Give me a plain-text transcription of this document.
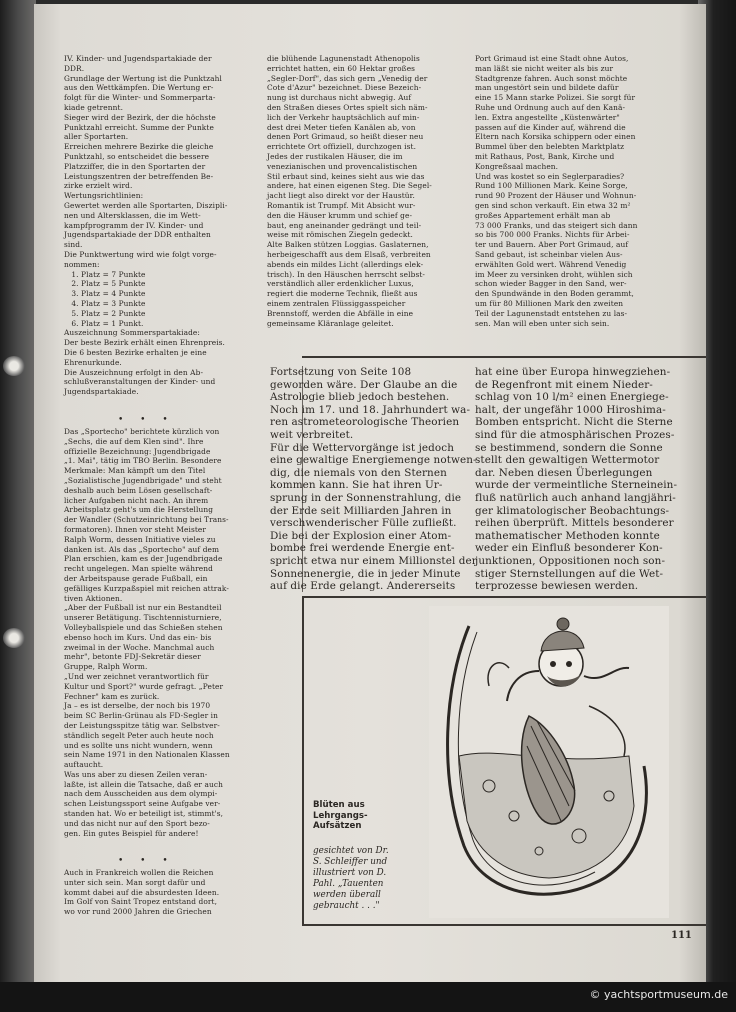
IV. Kinder- und Jugendspartakiade der
DDR.
Grundlage der Wertung ist die Punktzahl
aus den Wettkämpfen. Die Wertung er-
folgt für die Winter- und Sommerparta-
kiade getrennt.
Sieger wird der Bezirk, der die höchste
Punktzahl erreicht. Summe der Punkte
aller Sportarten.
Erreichen mehrere Bezirke die gleiche
Punktzahl, so entscheidet die bessere
Platzziffer, die in den Sportarten der
Leistungszentren der betreffenden Be-
zirke erzielt wird.
Wertungsrichtlinien:
Gewertet werden alle Sportarten, Diszipli-
nen und Altersklassen, die im Wett-
kampfprogramm der IV. Kinder- und
Jugendspartakiade der DDR enthalten
sind.
Die Punktwertung wird wie folgt vorge-
nommen:
1. Platz = 7 Punkte
2. Platz = 5 Punkte
3. Platz = 4 Punkte
4. Platz = 3 Punkte
5. Platz = 2 Punkte
6. Platz = 1 Punkt.
Auszeichnung Sommerspartakiade:
Der beste Bezirk erhält einen Ehrenpreis.
Die 6 besten Bezirke erhalten je eine
Ehrenurkunde.
Die Auszeichnung erfolgt in den Ab-
schlußveranstaltungen der Kinder- und
Jugendspartakiade.
• • •
Das „Sportecho" berichtete kürzlich von
„Sechs, die auf dem Klen sind". Ihre
offizielle Bezeichnung: Jugendbrigade
„1. Mai", tätig im TBO Berlin. Besondere
Merkmale: Man kämpft um den Titel
„Sozialistische Jugendbrigade" und steht
deshalb auch beim Lösen gesellschaft-
licher Aufgaben nicht nach. An ihrem
Arbeitsplatz geht's um die Herstellung
der Wandler (Schutzeinrichtung bei Trans-
formatoren). Ihnen vor steht Meister
Ralph Worm, dessen Initiative vieles zu
danken ist. Als das „Sportecho" auf dem
Plan erschien, kam es der Jugendbrigade
recht ungelegen. Man spielte während
der Arbeitspause gerade Fußball, ein
gefälliges Kurzpaßspiel mit reichen attrak-
tiven Aktionen.
„Aber der Fußball ist nur ein Bestandteil
unserer Betätigung. Tischtennisturniere,
Volleyballspiele und das Schießen stehen
ebenso hoch im Kurs. Und das ein- bis
zweimal in der Woche. Manchmal auch
mehr", betonte FDJ-Sekretär dieser
Gruppe, Ralph Worm.
„Und wer zeichnet verantwortlich für
Kultur und Sport?" wurde gefragt. „Peter
Fechner" kam es zurück.
Ja – es ist derselbe, der noch bis 1970
beim SC Berlin-Grünau als FD-Segler in
der Leistungsspitze tätig war. Selbstver-
ständlich segelt Peter auch heute noch
und es sollte uns nicht wundern, wenn
sein Name 1971 in den Nationalen Klassen
auftaucht.
Was uns aber zu diesen Zeilen veran-
laßte, ist allein die Tatsache, daß er auch
nach dem Ausscheiden aus dem olympi-
schen Leistungssport seine Aufgabe ver-
standen hat. Wo er beteiligt ist, stimmt's,
und das nicht nur auf den Sport bezo-
gen. Ein gutes Beispiel für andere!
• • •
Auch in Frankreich wollen die Reichen
unter sich sein. Man sorgt dafür und
kommt dabei auf die absurdesten Ideen.
Im Golf von Saint Tropez entstand dort,
wo vor rund 2000 Jahren die Griechen
die blühende Lagunenstadt Athenopolis
errichtet hatten, ein 60 Hektar großes
„Segler-Dorf", das sich gern „Venedig der
Cote d'Azur" bezeichnet. Diese Bezeich-
nung ist durchaus nicht abwegig. Auf
den Straßen dieses Ortes spielt sich näm-
lich der Verkehr hauptsächlich auf min-
dest drei Meter tiefen Kanälen ab, von
denen Port Grimaud, so heißt dieser neu
errichtete Ort offiziell, durchzogen ist.
Jedes der rustikalen Häuser, die im
venezianischen und provencalistischen
Stil erbaut sind, keines sieht aus wie das
andere, hat einen eigenen Steg. Die Segel-
jacht liegt also direkt vor der Haustür.
Romantik ist Trumpf. Mit Absicht wur-
den die Häuser krumm und schief ge-
baut, eng aneinander gedrängt und teil-
weise mit römischen Ziegeln gedeckt.
Alte Balken stützen Loggias. Gaslaternen,
herbeigeschafft aus dem Elsaß, verbreiten
abends ein mildes Licht (allerdings elek-
trisch). In den Häuschen herrscht selbst-
verständlich aller erdenklicher Luxus,
regiert die moderne Technik, fließt aus
einem zentralen Flüssiggasspeicher
Brennstoff, werden die Abfälle in eine
gemeinsame Kläranlage geleitet.
Port Grimaud ist eine Stadt ohne Autos,
man läßt sie nicht weiter als bis zur
Stadtgrenze fahren. Auch sonst möchte
man ungestört sein und bildete dafür
eine 15 Mann starke Polizei. Sie sorgt für
Ruhe und Ordnung auch auf den Kanä-
len. Extra angestellte „Küstenwärter"
passen auf die Kinder auf, während die
Eltern nach Korsika schippern oder einen
Bummel über den belebten Marktplatz
mit Rathaus, Post, Bank, Kirche und
Kongreßsaal machen.
Und was kostet so ein Seglerparadies?
Rund 100 Millionen Mark. Keine Sorge,
rund 90 Prozent der Häuser und Wohnun-
gen sind schon verkauft. Ein etwa 32 m²
großes Appartement erhält man ab
73 000 Franks, und das steigert sich dann
so bis 700 000 Franks. Nichts für Arbei-
ter und Bauern. Aber Port Grimaud, auf
Sand gebaut, ist scheinbar vielen Aus-
erwählten Gold wert. Während Venedig
im Meer zu versinken droht, wühlen sich
schon wieder Bagger in den Sand, wer-
den Spundwände in den Boden gerammt,
um für 80 Millionen Mark den zweiten
Teil der Lagunenstadt entstehen zu las-
sen. Man will eben unter sich sein.
Fortsetzung von Seite 108
geworden wäre. Der Glaube an die
Astrologie blieb jedoch bestehen.
Noch im 17. und 18. Jahrhundert wa-
ren astrometeorologische Theorien
weit verbreitet.
Für die Wettervorgänge ist jedoch
eine gewaltige Energiemenge notwen-
dig, die niemals von den Sternen
kommen kann. Sie hat ihren Ur-
sprung in der Sonnenstrahlung, die
der Erde seit Milliarden Jahren in
verschwenderischer Fülle zufließt.
Die bei der Explosion einer Atom-
bombe frei werdende Energie ent-
spricht etwa nur einem Millionstel der
Sonnenenergie, die in jeder Minute
auf die Erde gelangt. Andererseits
hat eine über Europa hinwegziehen-
de Regenfront mit einem Nieder-
schlag von 10 l/m² einen Energiege-
halt, der ungefähr 1000 Hiroshima-
Bomben entspricht. Nicht die Sterne
sind für die atmosphärischen Prozes-
se bestimmend, sondern die Sonne
stellt den gewaltigen Wettermotor
dar. Neben diesen Überlegungen
wurde der vermeintliche Sterneinein-
fluß natürlich auch anhand langjähri-
ger klimatologischer Beobachtungs-
reihen überprüft. Mittels besonderer
mathematischer Methoden konnte
weder ein Einfluß besonderer Kon-
junktionen, Oppositionen noch son-
stiger Sternstellungen auf die Wet-
terprozesse bewiesen werden.
Blüten aus
Lehrgangs-
Aufsätzen
gesichtet von Dr.
S. Schleiffer und
illustriert von D.
Pahl. „Tauenten
werden überall
gebraucht . . ."
111
© yachtsportmuseum.de
